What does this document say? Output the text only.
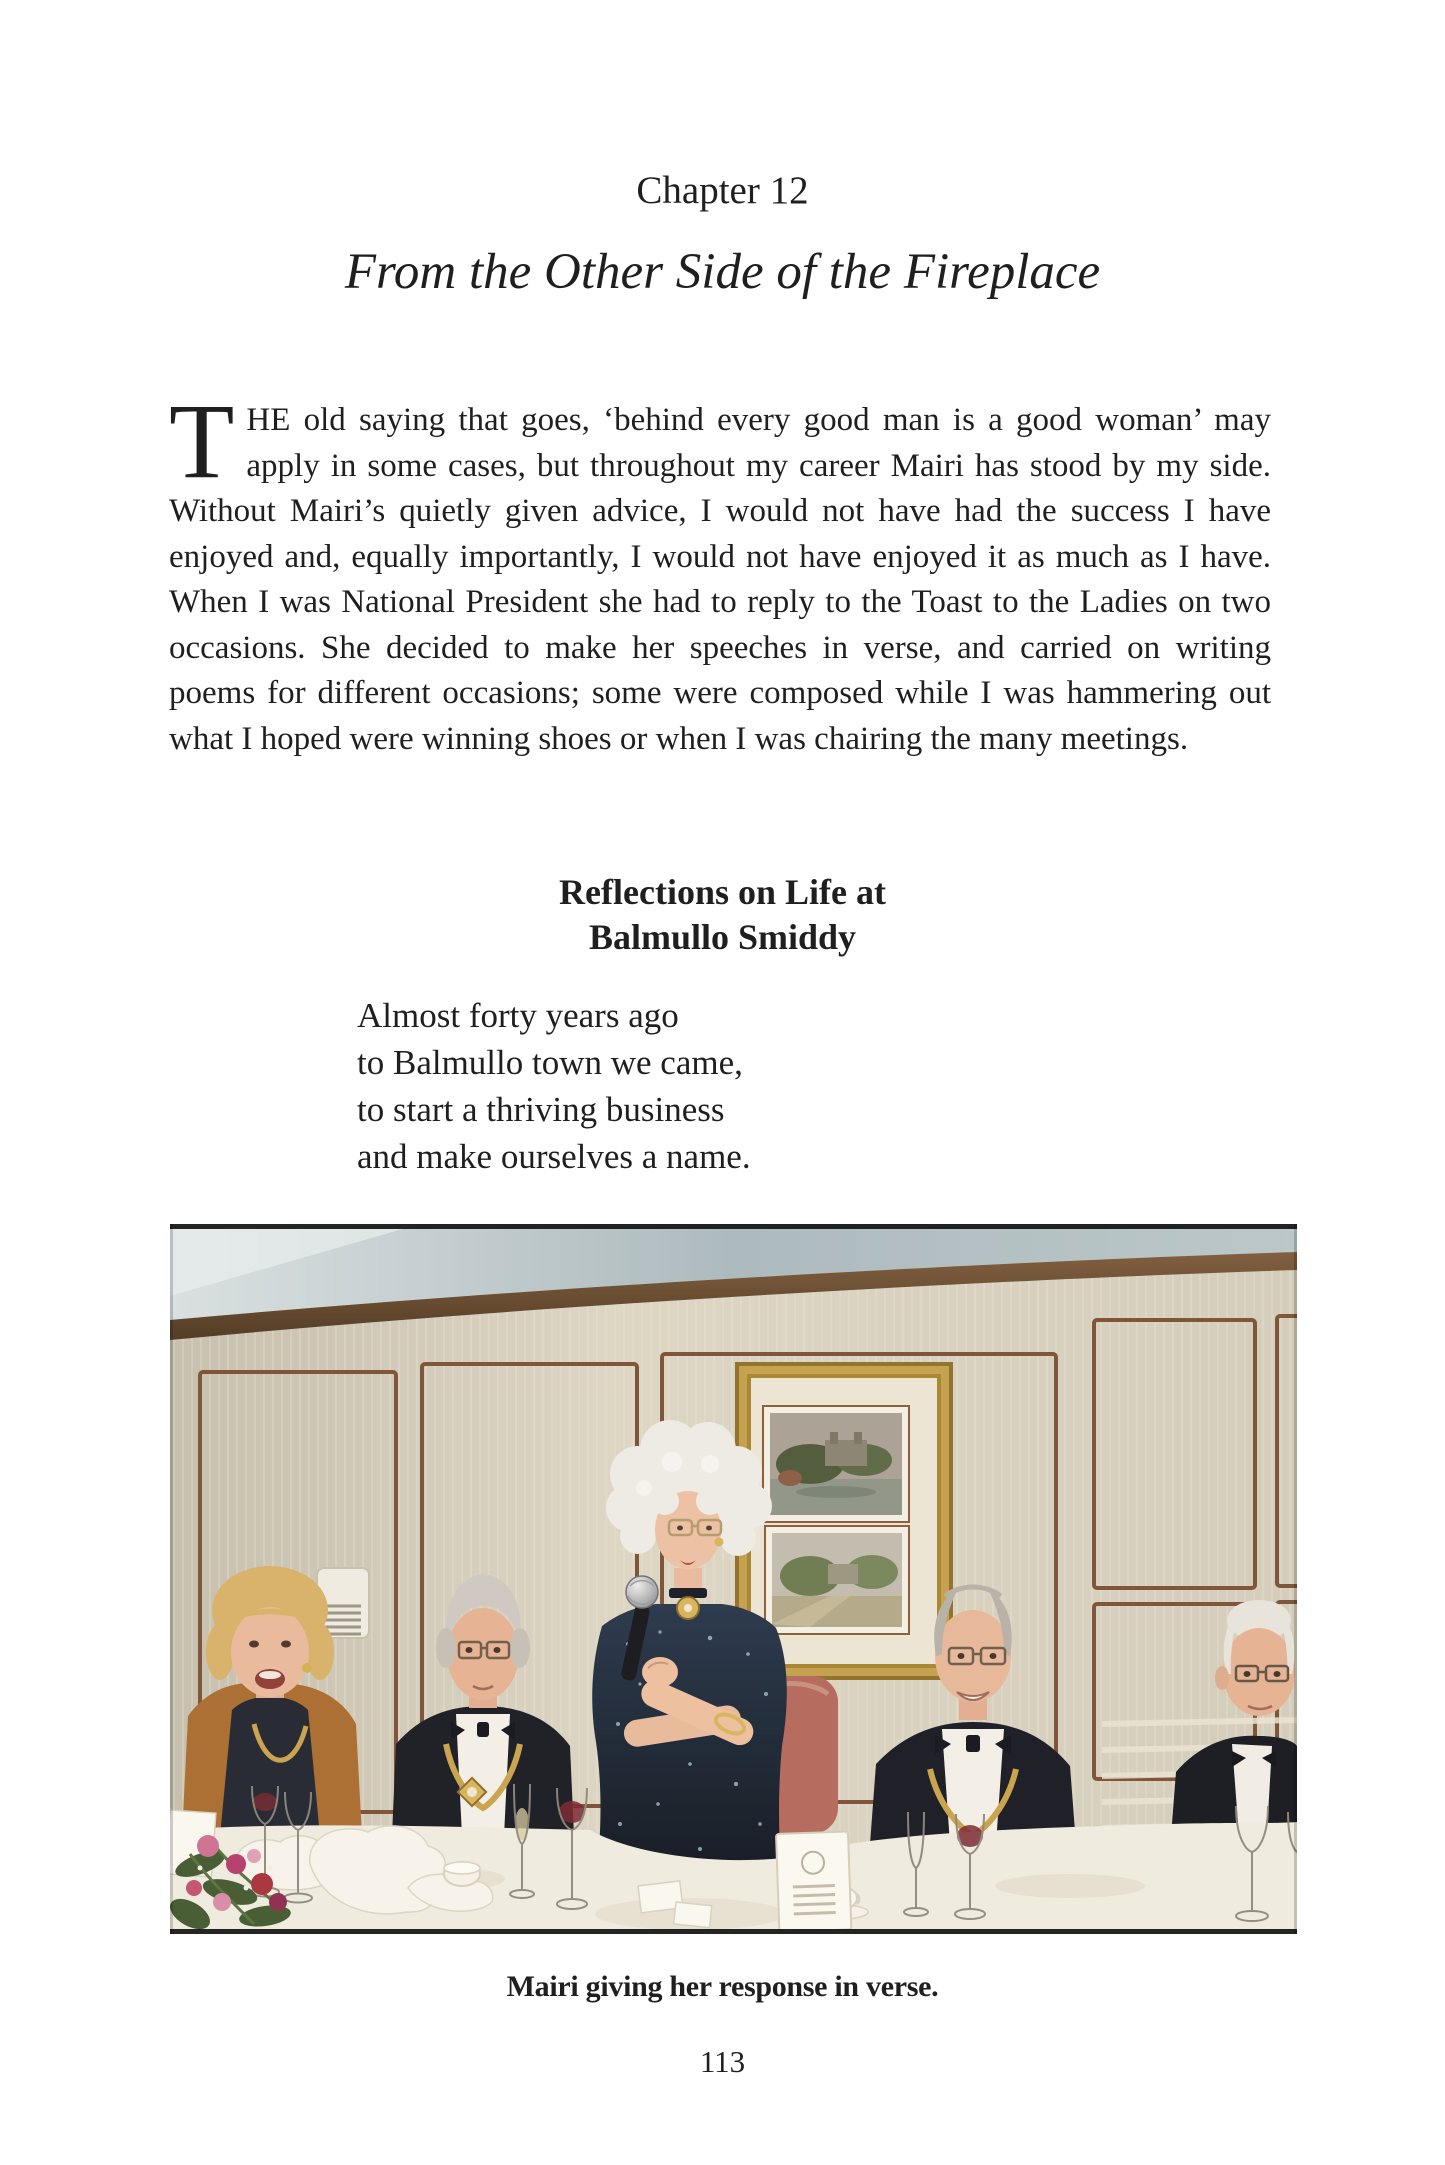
Chapter 12
From the Other Side of the Fireplace

THE old saying that goes, ‘behind every good man is a good woman’ may apply in some cases, but throughout my career Mairi has stood by my side. Without Mairi’s quietly given advice, I would not have had the success I have enjoyed and, equally importantly, I would not have enjoyed it as much as I have. When I was National President she had to reply to the Toast to the Ladies on two occasions. She decided to make her speeches in verse, and carried on writing poems for different occasions; some were composed while I was hammering out what I hoped were winning shoes or when I was chairing the many meetings.

Reflections on Life at
Balmullo Smiddy
Almost forty years ago
to Balmullo town we came,
to start a thriving business
and make ourselves a name.
Mairi giving her response in verse.
113
